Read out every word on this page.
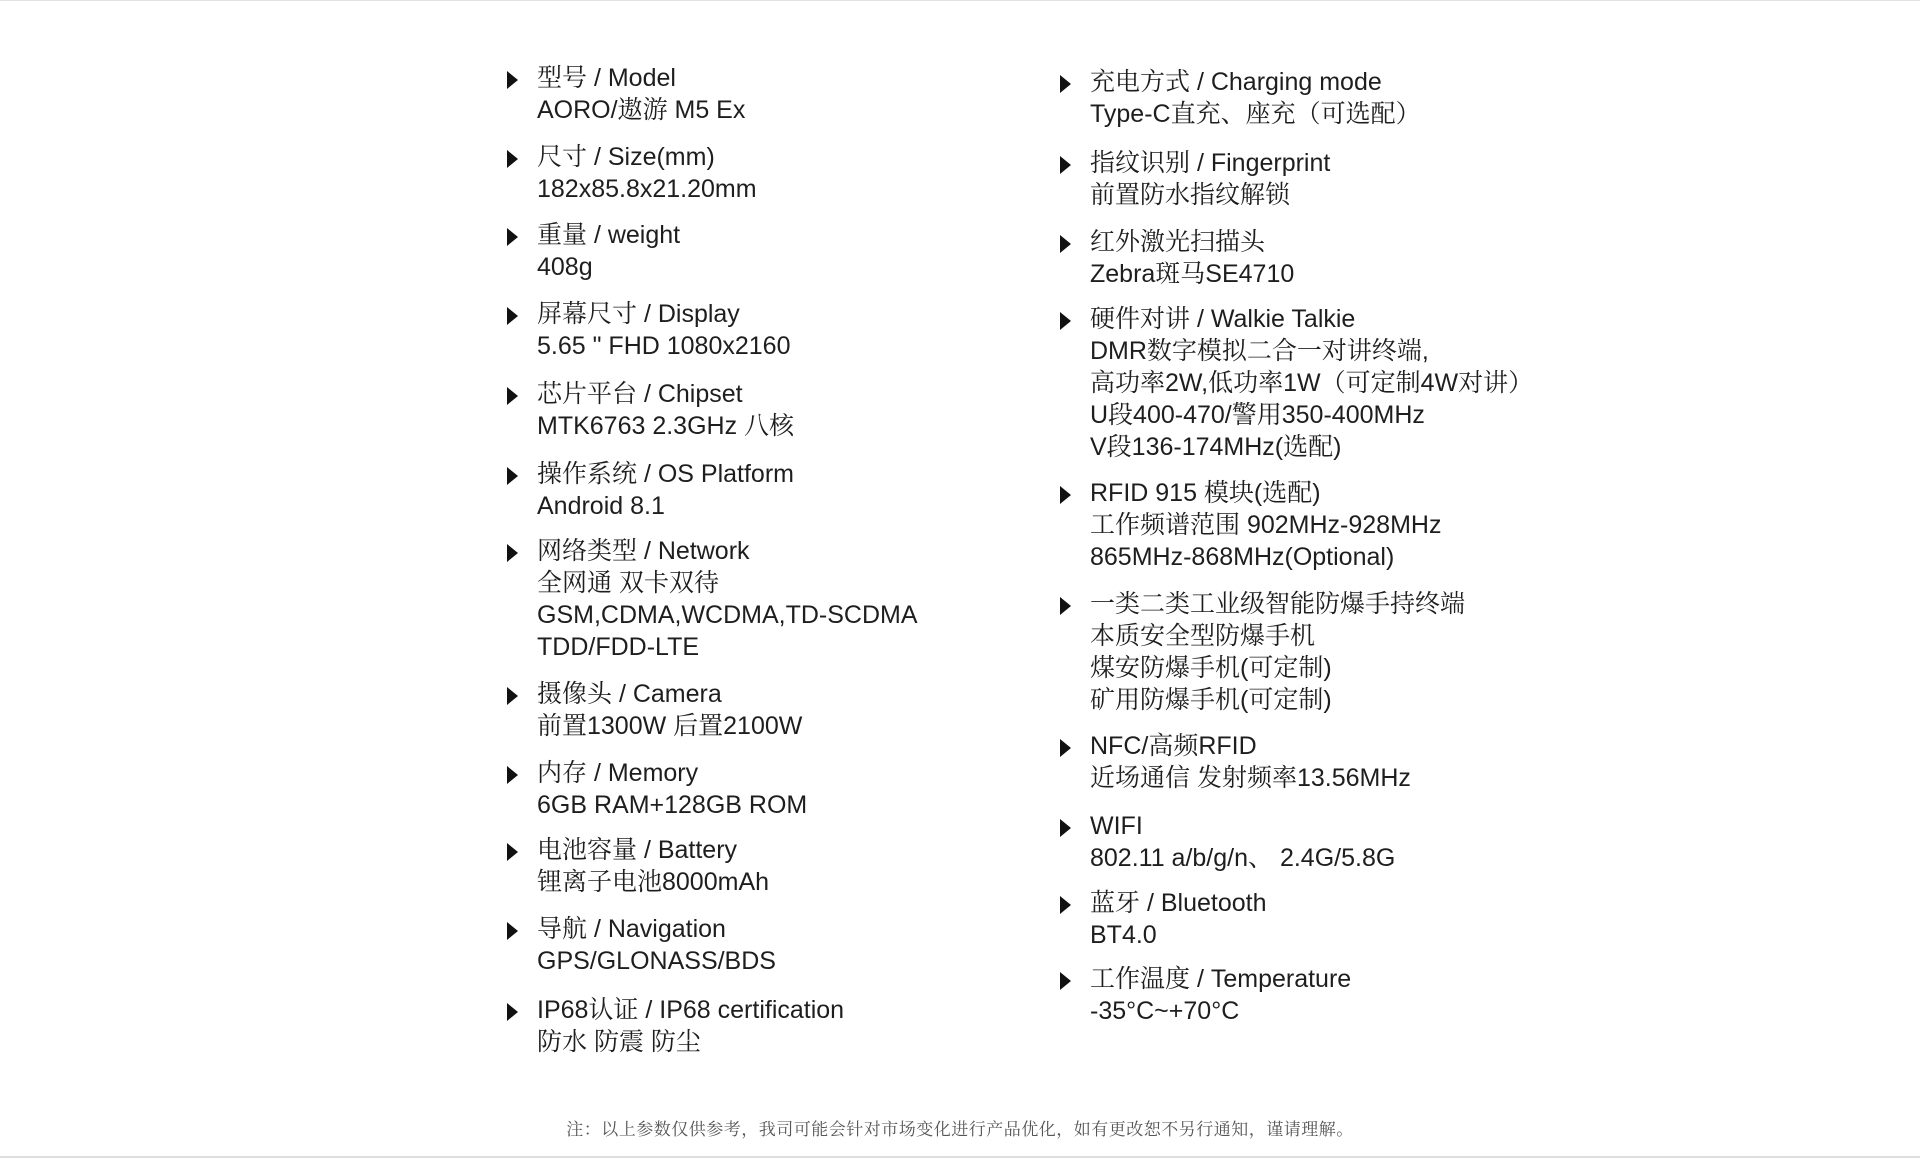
型号 / Model
AORO/遨游 M5 Ex
尺寸 / Size(mm)
182x85.8x21.20mm
重量 / weight
408g
屏幕尺寸 / Display
5.65 " FHD 1080x2160
芯片平台 / Chipset
MTK6763 2.3GHz 八核
操作系统 / OS Platform
Android 8.1
网络类型 / Network
全网通 双卡双待
GSM,CDMA,WCDMA,TD-SCDMA
TDD/FDD-LTE
摄像头 / Camera
前置1300W 后置2100W
内存 / Memory
6GB RAM+128GB ROM
电池容量 / Battery
锂离子电池8000mAh
导航 / Navigation
GPS/GLONASS/BDS
IP68认证 / IP68 certification
防水 防震 防尘
充电方式 / Charging mode
Type-C直充、座充（可选配）
指纹识别 / Fingerprint
前置防水指纹解锁
红外激光扫描头
Zebra斑马SE4710
硬件对讲 / Walkie Talkie
DMR数字模拟二合一对讲终端,
高功率2W,低功率1W（可定制4W对讲）
U段400-470/警用350-400MHz
V段136-174MHz(选配)
RFID 915 模块(选配)
工作频谱范围 902MHz-928MHz
865MHz-868MHz(Optional)
一类二类工业级智能防爆手持终端
本质安全型防爆手机
煤安防爆手机(可定制)
矿用防爆手机(可定制)
NFC/高频RFID
近场通信 发射频率13.56MHz
WIFI
802.11 a/b/g/n、 2.4G/5.8G
蓝牙 / Bluetooth
BT4.0
工作温度 / Temperature
-35°C~+70°C
注：以上参数仅供参考，我司可能会针对市场变化进行产品优化，如有更改恕不另行通知，谨请理解。
